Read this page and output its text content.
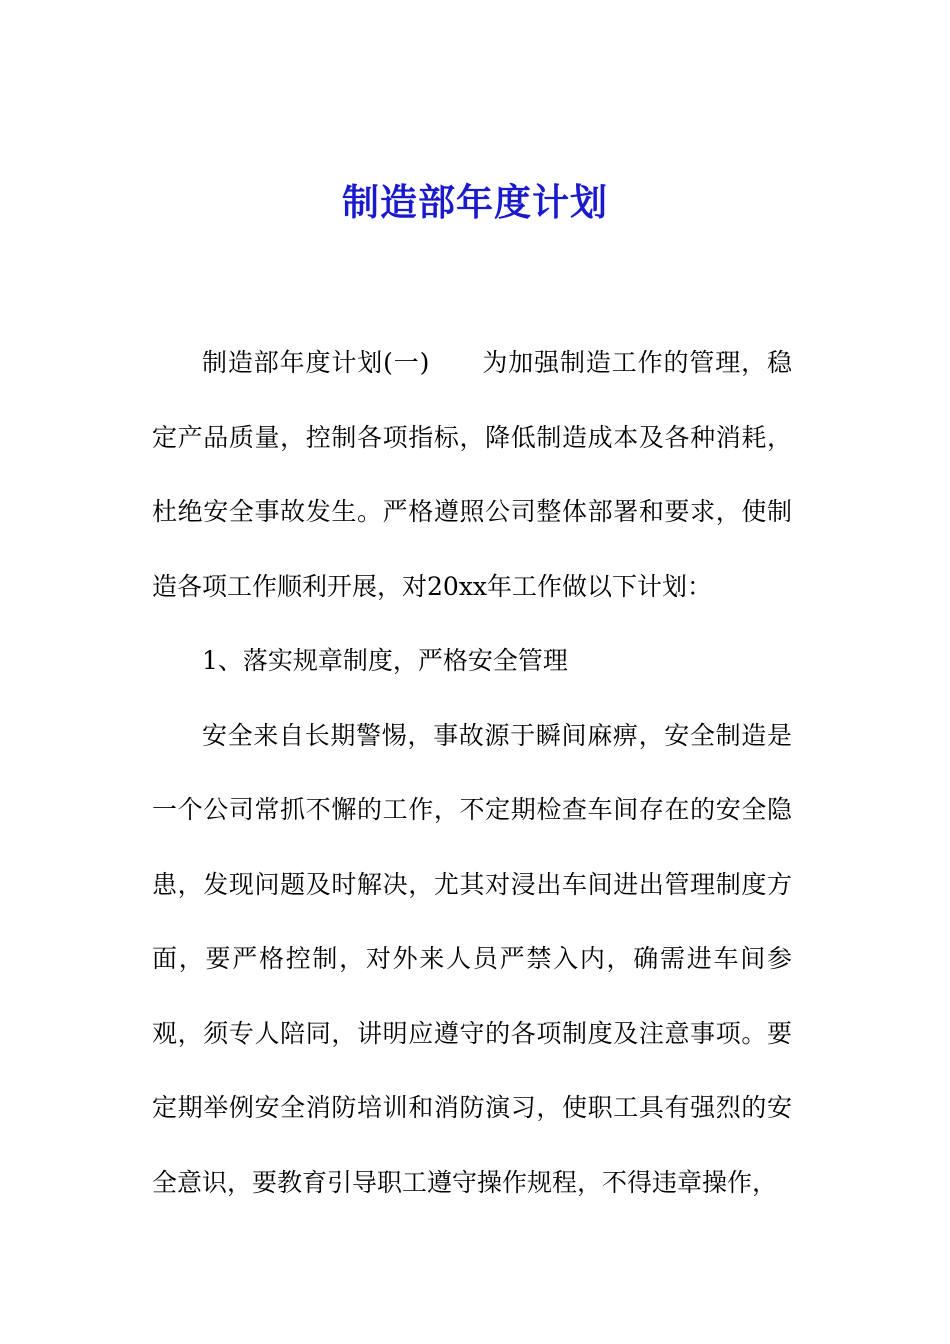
制造部年度计划

制造部年度计划(一) 为加强制造工作的管理，稳定产品质量，控制各项指标，降低制造成本及各种消耗，杜绝安全事故发生。严格遵照公司整体部署和要求，使制造各项工作顺利开展，对20xx年工作做以下计划：

1、落实规章制度，严格安全管理

安全来自长期警惕，事故源于瞬间麻痹，安全制造是一个公司常抓不懈的工作，不定期检查车间存在的安全隐患，发现问题及时解决，尤其对浸出车间进出管理制度方面，要严格控制，对外来人员严禁入内，确需进车间参观，须专人陪同，讲明应遵守的各项制度及注意事项。要定期举例安全消防培训和消防演习，使职工具有强烈的安全意识，要教育引导职工遵守操作规程，不得违章操作，
